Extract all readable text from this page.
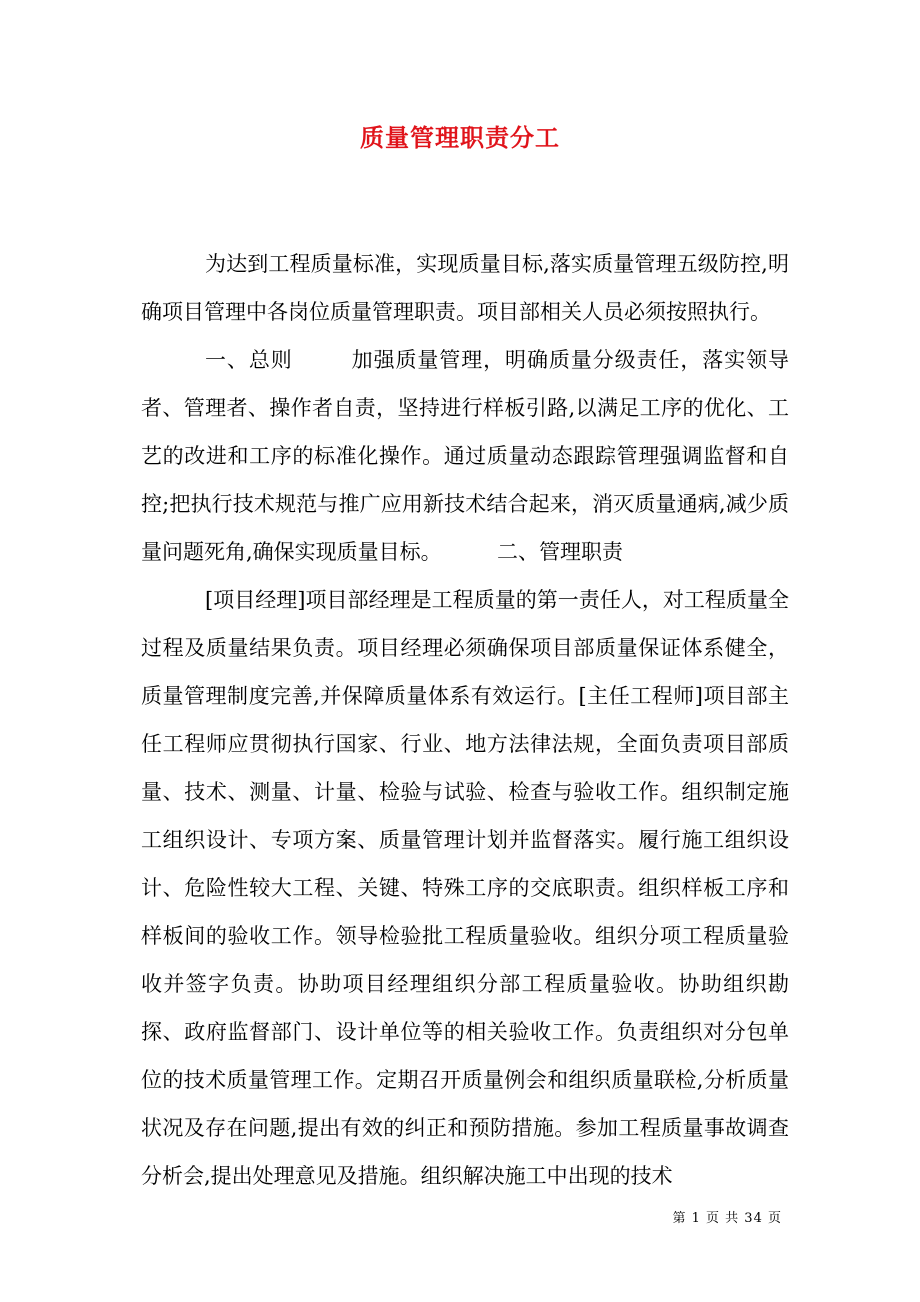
质量管理职责分工

为达到工程质量标准，实现质量目标,落实质量管理五级防控,明确项目管理中各岗位质量管理职责。项目部相关人员必须按照执行。

一、总则‬ 　　 加强质量管理，明确质量分级责任，落实领导者、管理者、操作者自责，坚持进行样板引路,以满足工序的优化、工艺的改进和工序的标准化操作。通过质量动态跟踪管理强调监督和自控;把执行技术规范与推广应用新技术结合起来，消灭质量通病,减少质量问题死角,确保实现质量目标。‬ 　　 二、管理职责

[项目经理]项目部经理是工程质量的第一责任人，对工程质量全过程及质量结果负责。项目经理必须确保项目部质量保证体系健全，质量管理制度完善,并保障质量体系有效运行。[主任工程师]项目部主任工程师应贯彻执行国家、行业、地方法律法规，全面负责项目部质量、技术、测量、计量、检验与试验、检查与验收工作。组织制定施工组织设计、专项方案、质量管理计划并监督落实。履行施工组织设计、危险性较大工程、关键、特殊工序的交底职责。组织样板工序和样板间的验收工作。领导检验批工程质量验收。组织分项工程质量验收并签字负责。协助项目经理组织分部工程质量验收。协助组织勘探、政府监督部门、设计单位等的相关验收工作。负责组织对分包单位的技术质量管理工作。定期召开质量例会和组织质量联检,分析质量状况及存在问题,提出有效的纠正和预防措施。参加工程质量事故调查分析会,提出处理意见及措施。组织解决施工中出现的技术

第 1 页 共 34 页
